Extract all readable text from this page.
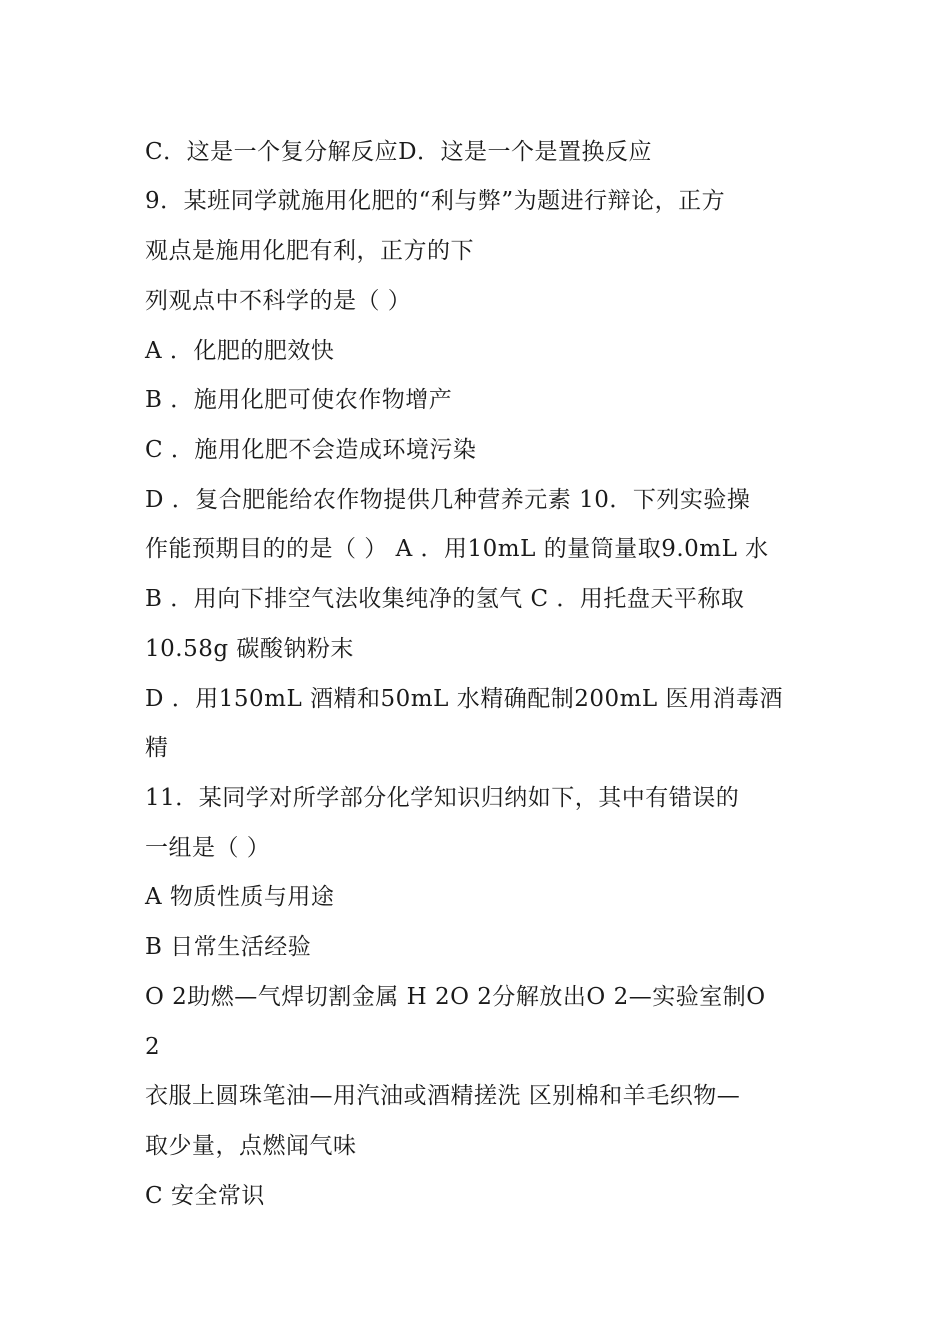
C．这是一个复分解反应D．这是一个是置换反应
9．某班同学就施用化肥的“利与弊”为题进行辩论，正方
观点是施用化肥有利，正方的下
列观点中不科学的是（ ）
A ．化肥的肥效快
B ．施用化肥可使农作物增产
C ．施用化肥不会造成环境污染
D ．复合肥能给农作物提供几种营养元素 10．下列实验操
作能预期目的的是（ ） A ．用10mL 的量筒量取9.0mL 水
B ．用向下排空气法收集纯净的氢气 C ．用托盘天平称取
10.58g 碳酸钠粉末
D ．用150mL 酒精和50mL 水精确配制200mL 医用消毒酒
精
11．某同学对所学部分化学知识归纳如下，其中有错误的
一组是（ ）
A 物质性质与用途
B 日常生活经验
O 2助燃—气焊切割金属 H 2O 2分解放出O 2—实验室制O
2
衣服上圆珠笔油—用汽油或酒精搓洗 区别棉和羊毛织物—
取少量，点燃闻气味
C 安全常识
